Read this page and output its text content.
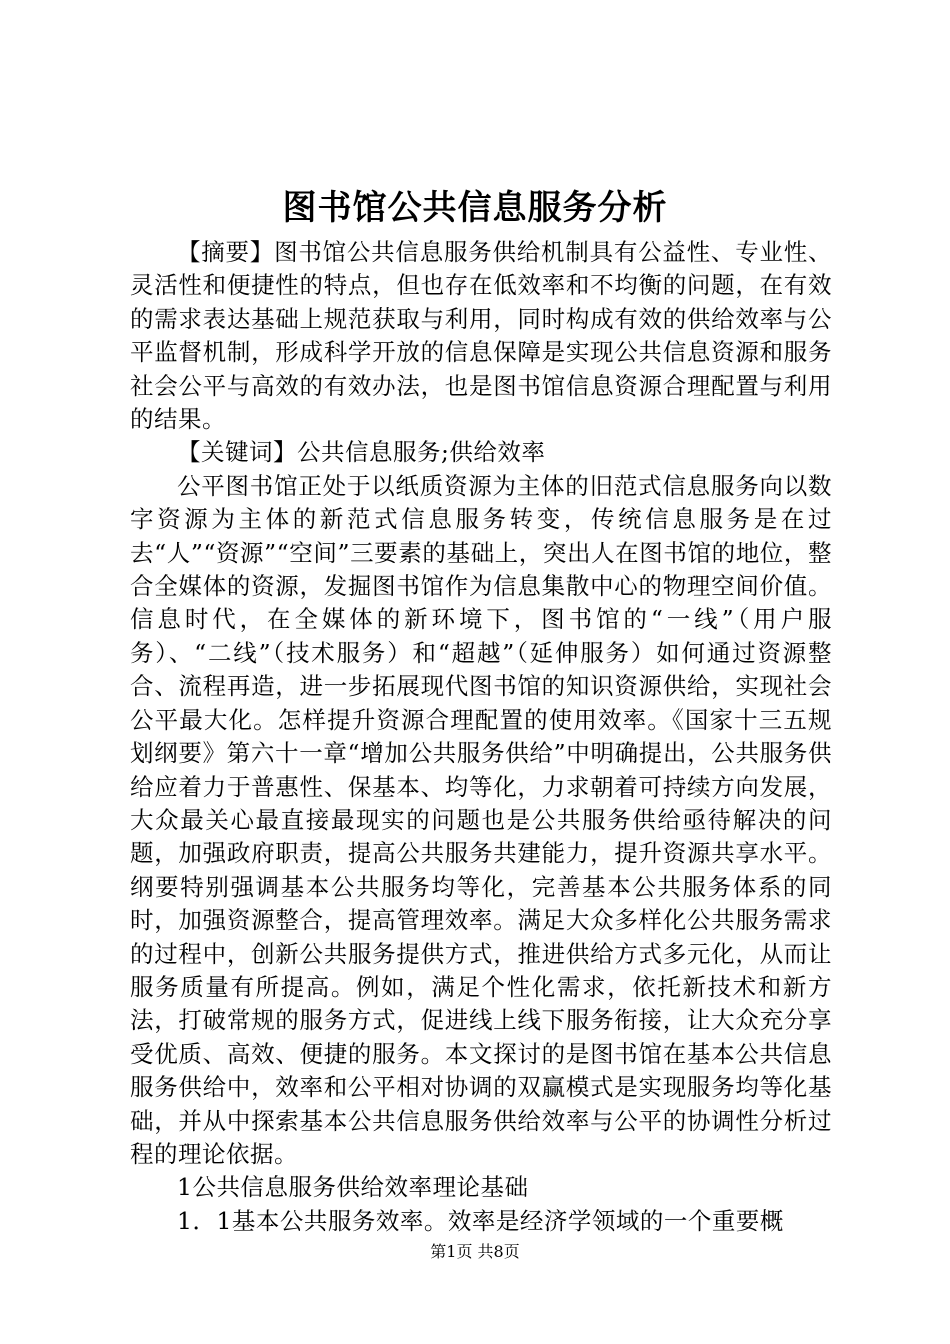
图书馆公共信息服务分析

【摘要】图书馆公共信息服务供给机制具有公益性、专业性、灵活性和便捷性的特点，但也存在低效率和不均衡的问题，在有效的需求表达基础上规范获取与利用，同时构成有效的供给效率与公平监督机制，形成科学开放的信息保障是实现公共信息资源和服务社会公平与高效的有效办法，也是图书馆信息资源合理配置与利用的结果。

【关键词】公共信息服务;供给效率

公平图书馆正处于以纸质资源为主体的旧范式信息服务向以数字资源为主体的新范式信息服务转变，传统信息服务是在过去“人”“资源”“空间”三要素的基础上，突出人在图书馆的地位，整合全媒体的资源，发掘图书馆作为信息集散中心的物理空间价值。信息时代，在全媒体的新环境下，图书馆的“一线”（用户服务）、“二线”（技术服务）和“超越”（延伸服务）如何通过资源整合、流程再造，进一步拓展现代图书馆的知识资源供给，实现社会公平最大化。怎样提升资源合理配置的使用效率。《国家十三五规划纲要》第六十一章“增加公共服务供给”中明确提出，公共服务供给应着力于普惠性、保基本、均等化，力求朝着可持续方向发展，大众最关心最直接最现实的问题也是公共服务供给亟待解决的问题，加强政府职责，提高公共服务共建能力，提升资源共享水平。纲要特别强调基本公共服务均等化，完善基本公共服务体系的同时，加强资源整合，提高管理效率。满足大众多样化公共服务需求的过程中，创新公共服务提供方式，推进供给方式多元化，从而让服务质量有所提高。例如，满足个性化需求，依托新技术和新方法，打破常规的服务方式，促进线上线下服务衔接，让大众充分享受优质、高效、便捷的服务。本文探讨的是图书馆在基本公共信息服务供给中，效率和公平相对协调的双赢模式是实现服务均等化基础，并从中探索基本公共信息服务供给效率与公平的协调性分析过程的理论依据。

1公共信息服务供给效率理论基础

1．1基本公共服务效率。效率是经济学领域的一个重要概

第1页 共8页
